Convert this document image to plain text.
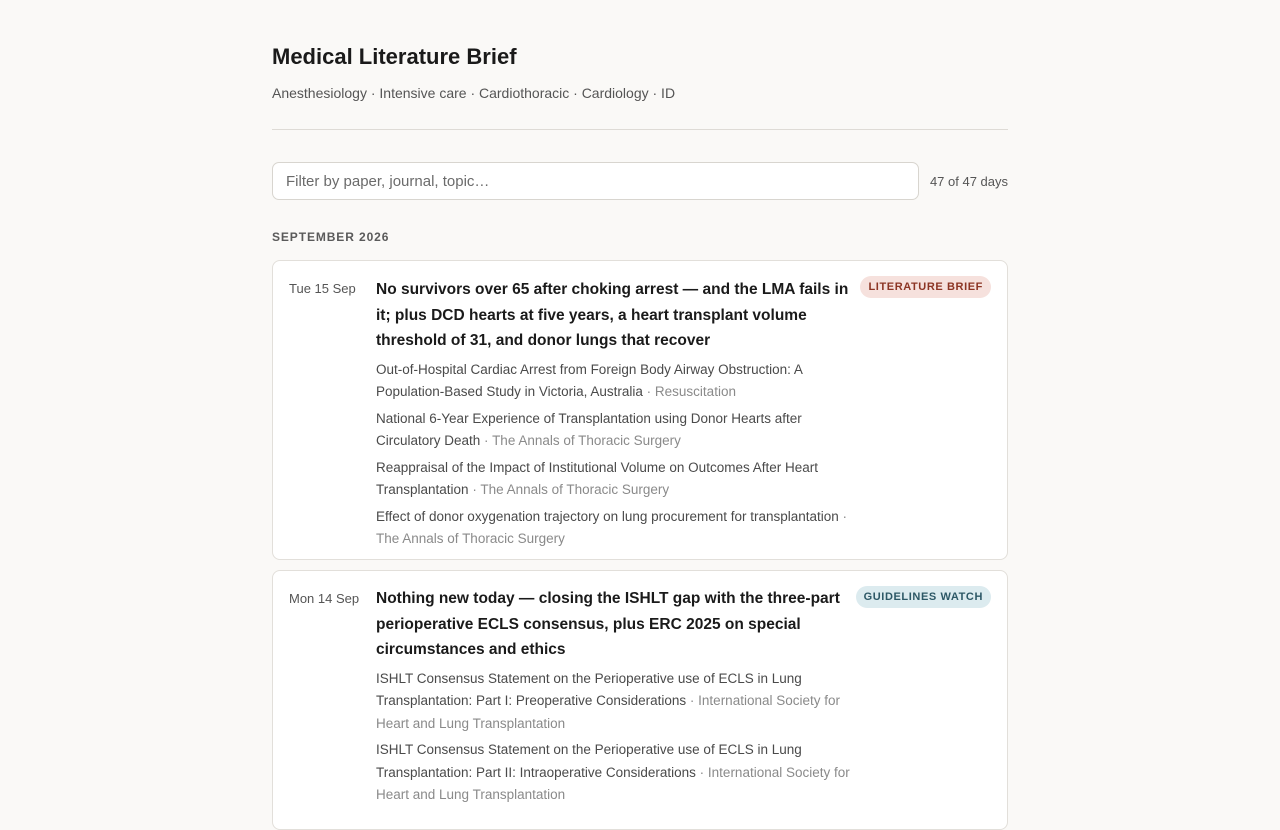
Medical Literature Brief
Anesthesiology · Intensive care · Cardiothoracic · Cardiology · ID
Filter by paper, journal, topic…
47 of 47 days
SEPTEMBER 2026
Tue 15 Sep No survivors over 65 after choking arrest — and the LMA fails in it; plus DCD hearts at five years, a heart transplant volume threshold of 31, and donor lungs that recover
Out-of-Hospital Cardiac Arrest from Foreign Body Airway Obstruction: A Population-Based Study in Victoria, Australia · Resuscitation
National 6-Year Experience of Transplantation using Donor Hearts after Circulatory Death · The Annals of Thoracic Surgery
Reappraisal of the Impact of Institutional Volume on Outcomes After Heart Transplantation · The Annals of Thoracic Surgery
Effect of donor oxygenation trajectory on lung procurement for transplantation · The Annals of Thoracic Surgery
LITERATURE BRIEF
Mon 14 Sep Nothing new today — closing the ISHLT gap with the three-part perioperative ECLS consensus, plus ERC 2025 on special circumstances and ethics
ISHLT Consensus Statement on the Perioperative use of ECLS in Lung Transplantation: Part I: Preoperative Considerations · International Society for Heart and Lung Transplantation
ISHLT Consensus Statement on the Perioperative use of ECLS in Lung Transplantation: Part II: Intraoperative Considerations · International Society for Heart and Lung Transplantation
GUIDELINES WATCH
